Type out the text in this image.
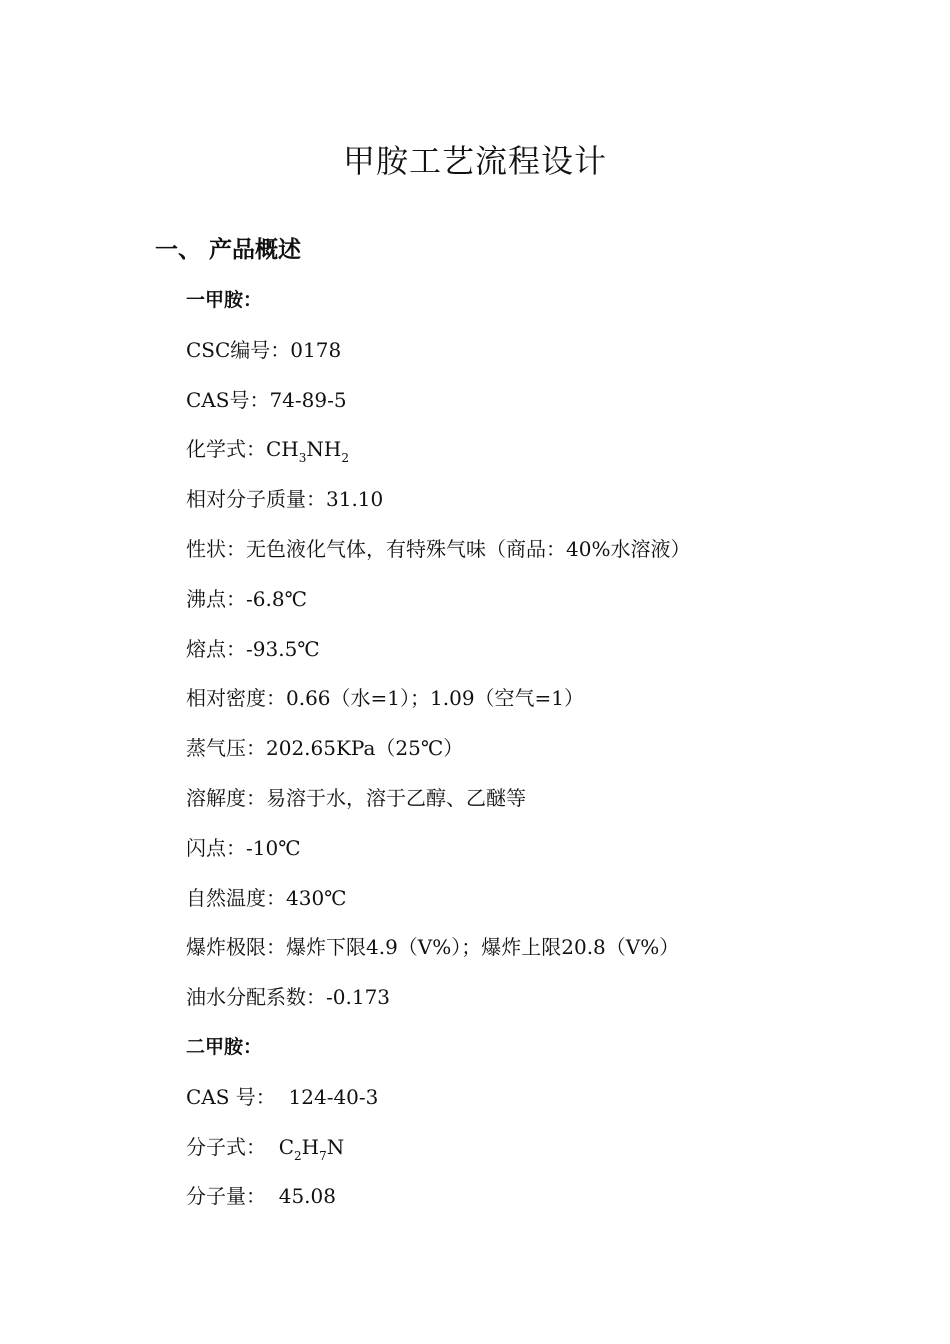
甲胺工艺流程设计
一、 产品概述
一甲胺：
CSC编号：0178
CAS号：74-89-5
化学式：$CH_3NH_2$
相对分子质量：31.10
性状：无色液化气体，有特殊气味（商品：40%水溶液）
沸点：-6.8℃
熔点：-93.5℃
相对密度：0.66（水=1）；1.09（空气=1）
蒸气压：202.65KPa（25℃）
溶解度：易溶于水，溶于乙醇、乙醚等
闪点：-10℃
自然温度：430℃
爆炸极限：爆炸下限4.9（V%）；爆炸上限20.8（V%）
油水分配系数：-0.173
二甲胺：
CAS 号：  124-40-3
分子式：  $C_2H_7N$
分子量：  45.08
